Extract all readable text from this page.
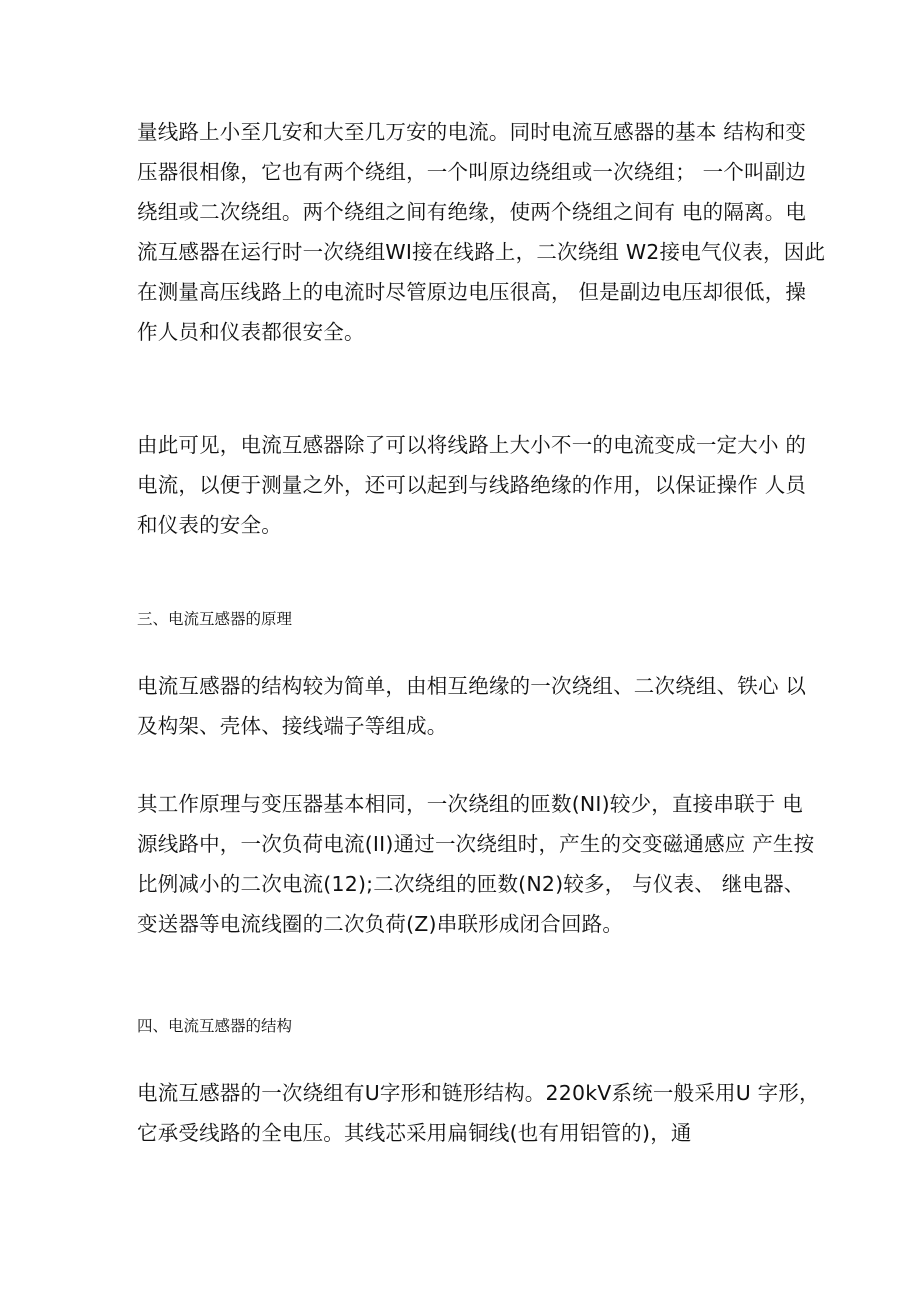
量线路上小至几安和大至几万安的电流。同时电流互感器的基本 结构和变
压器很相像，它也有两个绕组，一个叫原边绕组或一次绕组； 一个叫副边
绕组或二次绕组。两个绕组之间有绝缘，使两个绕组之间有 电的隔离。电
流互感器在运行时一次绕组WI接在线路上，二次绕组 W2接电气仪表，因此
在测量高压线路上的电流时尽管原边电压很高， 但是副边电压却很低，操
作人员和仪表都很安全。
由此可见，电流互感器除了可以将线路上大小不一的电流变成一定大小 的
电流，以便于测量之外，还可以起到与线路绝缘的作用，以保证操作 人员
和仪表的安全。
三、电流互感器的原理
电流互感器的结构较为简单，由相互绝缘的一次绕组、二次绕组、铁心 以
及构架、壳体、接线端子等组成。
其工作原理与变压器基本相同，一次绕组的匝数(NI)较少，直接串联于 电
源线路中，一次负荷电流(II)通过一次绕组时，产生的交变磁通感应 产生按
比例减小的二次电流(12);二次绕组的匝数(N2)较多， 与仪表、 继电器、
变送器等电流线圈的二次负荷(Z)串联形成闭合回路。
四、电流互感器的结构
电流互感器的一次绕组有U字形和链形结构。220kV系统一般采用U 字形，
它承受线路的全电压。其线芯采用扁铜线(也有用铝管的)，通
